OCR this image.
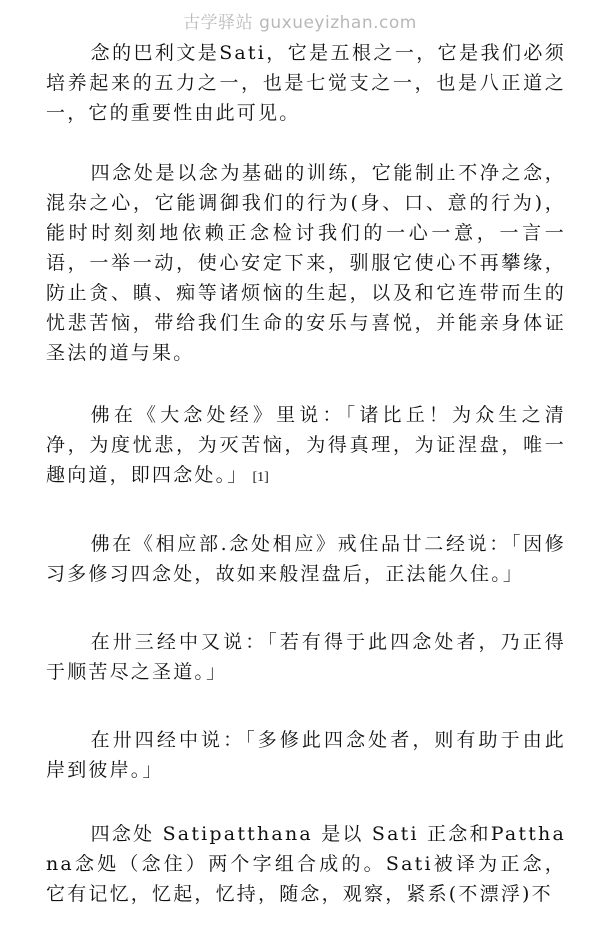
古学驿站 guxueyizhan.com

念的巴利文是Sati，它是五根之一，它是我们必须培养起来的五力之一，也是七觉支之一，也是八正道之一，它的重要性由此可见。

四念处是以念为基础的训练，它能制止不净之念，混杂之心，它能调御我们的行为(身、口、意的行为)，能时时刻刻地依赖正念检讨我们的一心一意，一言一语，一举一动，使心安定下来，驯服它使心不再攀缘，防止贪、瞋、痴等诸烦恼的生起，以及和它连带而生的忧悲苦恼，带给我们生命的安乐与喜悦，并能亲身体证圣法的道与果。

佛在《大念处经》里说：「诸比丘！为众生之清净，为度忧悲，为灭苦恼，为得真理，为证涅盘，唯一趣向道，即四念处。」 [1]

佛在《相应部.念处相应》戒住品廿二经说：「因修习多修习四念处，故如来般涅盘后，正法能久住。」

在卅三经中又说：「若有得于此四念处者，乃正得于顺苦尽之圣道。」

在卅四经中说：「多修此四念处者，则有助于由此岸到彼岸。」

四念处 Satipatthana 是以 Sati 正念和Patthana念処（念住）两个字组合成的。Sati被译为正念，它有记忆，忆起，忆持，随念，观察，紧系(不漂浮)不
